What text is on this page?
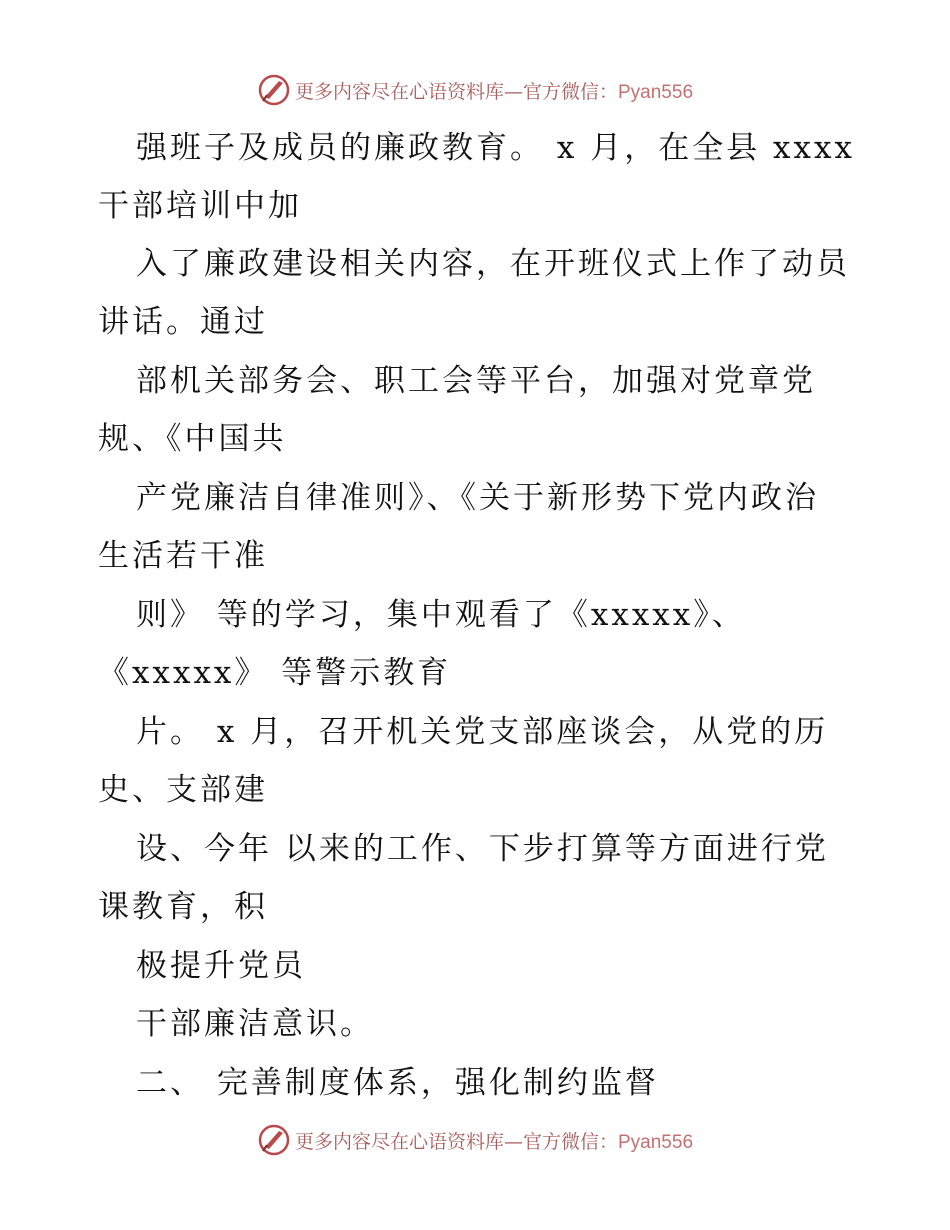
更多内容尽在心语资料库—官方微信：Pyan556
强班子及成员的廉政教育。 x 月，在全县 xxxx
干部培训中加
入了廉政建设相关内容，在开班仪式上作了动员
讲话。通过
部机关部务会、职工会等平台，加强对党章党
规、《中国共
产党廉洁自律准则》、《关于新形势下党内政治
生活若干准
则》 等的学习，集中观看了《xxxxx》、
《xxxxx》 等警示教育
片。 x 月，召开机关党支部座谈会，从党的历
史、支部建
设、今年 以来的工作、下步打算等方面进行党
课教育，积
极提升党员
干部廉洁意识。
二、 完善制度体系，强化制约监督
更多内容尽在心语资料库—官方微信：Pyan556
